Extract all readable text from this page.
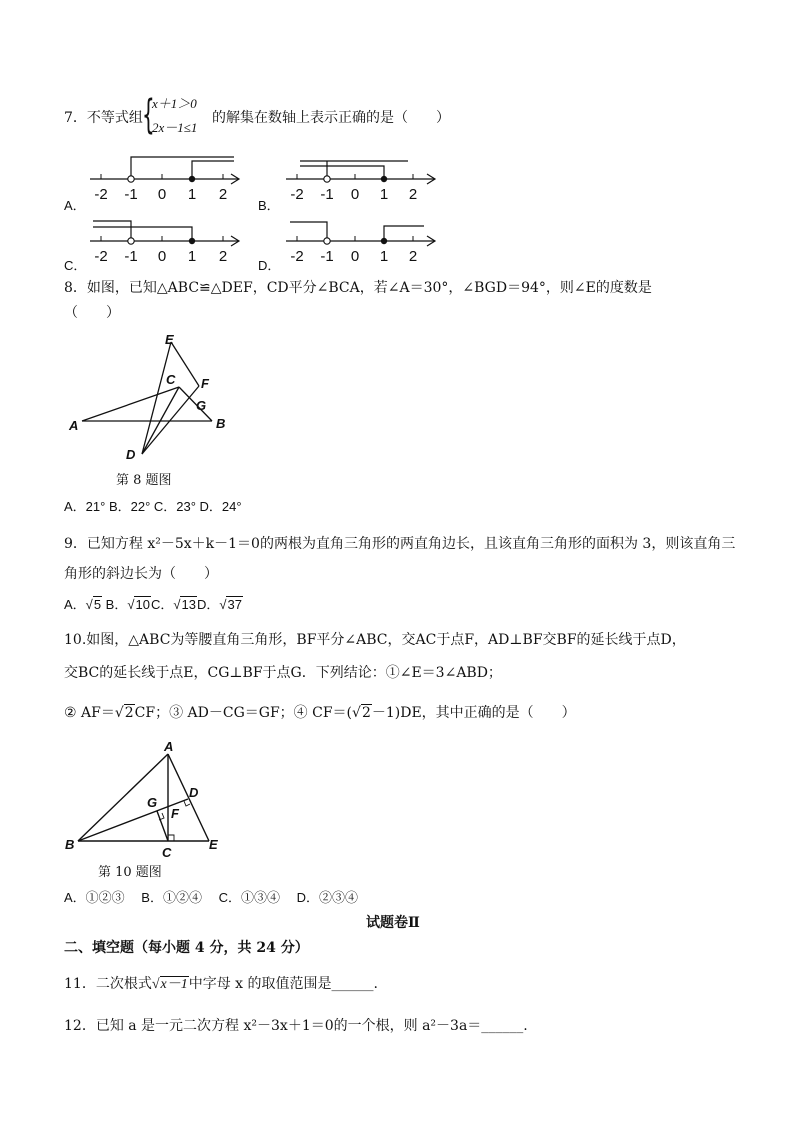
7．不等式组 {
x＋1＞0
2x－1≤1
的解集在数轴上表示正确的是（　　）
A．
-2 -1 0 1 2
B．
-2 -1 0 1 2
C．
-2 -1 0 1 2
D．
-2 -1 0 1 2
8．如图，已知△ABC≌△DEF，CD平分∠BCA，若∠A＝30°，∠BGD＝94°，则∠E的度数是
（　　）
E
C F
G
A	B
D
第 8 题图
A．21° B．22° C．23° D．24°
9．已知方程 x²－5x＋k－1＝0的两根为直角三角形的两直角边长，且该直角三角形的面积为 3，则该直角三
角形的斜边长为（　　）
A．√5 B．√10C．√13D．√37
10.如图，△ABC为等腰直角三角形，BF平分∠ABC，交AC于点F，AD⊥BF交BF的延长线于点D，
交BC的延长线于点E，CG⊥BF于点G．下列结论：①∠E＝3∠ABD；
② AF＝√2CF；③ AD－CG＝GF；④ CF＝(√2－1)DE，其中正确的是（　　）
A
G
D
F
B
C
E
第 10 题图
A．①②③　 B．①②④　 C．①③④　 D．②③④
试题卷Ⅱ
二、填空题（每小题 4 分，共 24 分）
11．二次根式√x－1中字母 x 的取值范围是______.
12．已知 a 是一元二次方程 x²－3x＋1＝0的一个根，则 a²－3a＝______.
